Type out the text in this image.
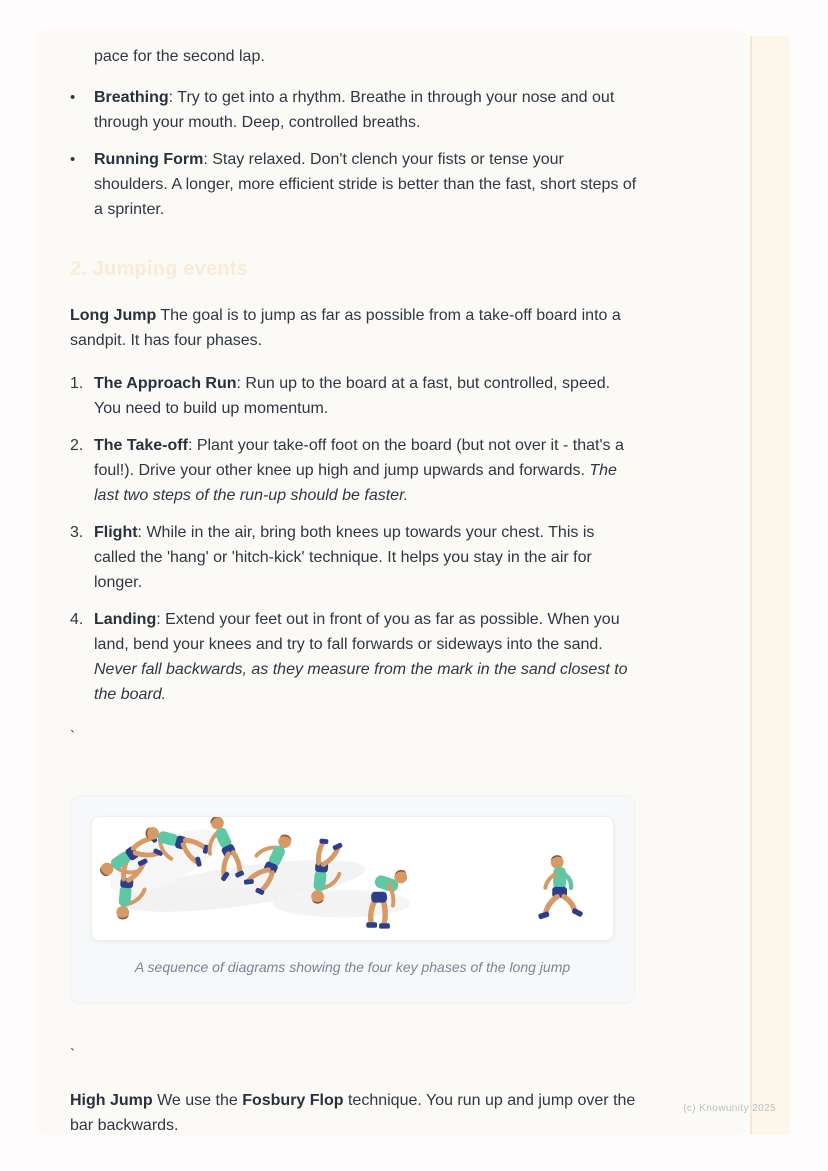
pace for the second lap.
•	Breathing: Try to get into a rhythm. Breathe in through your nose and out through your mouth. Deep, controlled breaths.
•	Running Form: Stay relaxed. Don't clench your fists or tense your shoulders. A longer, more efficient stride is better than the fast, short steps of a sprinter.
2. Jumping events

Long Jump The goal is to jump as far as possible from a take-off board into a sandpit. It has four phases.

1. The Approach Run: Run up to the board at a fast, but controlled, speed. You need to build up momentum.
2. The Take-off: Plant your take-off foot on the board (but not over it - that's a foul!). Drive your other knee up high and jump upwards and forwards. The last two steps of the run-up should be faster.
3. Flight: While in the air, bring both knees up towards your chest. This is called the 'hang' or 'hitch-kick' technique. It helps you stay in the air for longer.
4. Landing: Extend your feet out in front of you as far as possible. When you land, bend your knees and try to fall forwards or sideways into the sand. Never fall backwards, as they measure from the mark in the sand closest to the board.
`
A sequence of diagrams showing the four key phases of the long jump
`

High Jump We use the Fosbury Flop technique. You run up and jump over the bar backwards.

(c) Knowunity 2025
